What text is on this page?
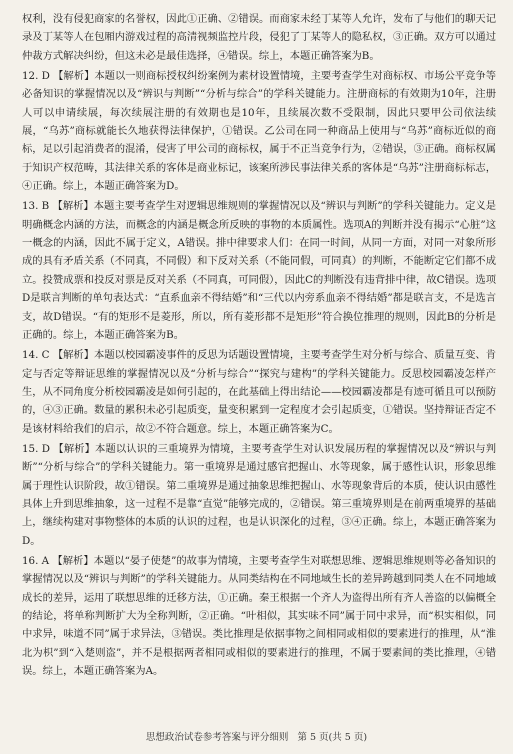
权利，没有侵犯商家的名誉权，因此①正确、②错误。而商家未经丁某等人允许，发布了与他们的聊天记录及丁某等人在包厢内游戏过程的高清视频监控片段，侵犯了丁某等人的隐私权，③正确。双方可以通过仲裁方式解决纠纷，但这未必是最佳选择，④错误。综上，本题正确答案为B。

12. D 【解析】本题以一则商标授权纠纷案例为素材设置情境，主要考查学生对商标权、市场公平竞争等必备知识的掌握情况以及“辨识与判断”“分析与综合”的学科关键能力。注册商标的有效期为10年，注册人可以申请续展，每次续展注册的有效期也是10年，且续展次数不受限制，因此只要甲公司依法续展，“乌苏”商标就能长久地获得法律保护，①错误。乙公司在同一种商品上使用与“乌苏”商标近似的商标，足以引起消费者的混淆，侵害了甲公司的商标权，属于不正当竞争行为，②错误，③正确。商标权属于知识产权范畴，其法律关系的客体是商业标记，该案所涉民事法律关系的客体是“乌苏”注册商标标志，④正确。综上，本题正确答案为D。

13. B 【解析】本题主要考查学生对逻辑思维规则的掌握情况以及“辨识与判断”的学科关键能力。定义是明确概念内涵的方法，而概念的内涵是概念所反映的事物的本质属性。选项A的判断并没有揭示“心脏”这一概念的内涵，因此不属于定义，A错误。排中律要求人们：在同一时间，从同一方面，对同一对象所形成的具有矛盾关系（不同真，不同假）和下反对关系（不能同假，可同真）的判断，不能断定它们都不成立。投赞成票和投反对票是反对关系（不同真，可同假），因此C的判断没有违背排中律，故C错误。选项D是联言判断的单句表达式：“直系血亲不得结婚”和“三代以内旁系血亲不得结婚”都是联言支，不是选言支，故D错误。“有的矩形不是菱形，所以，所有菱形都不是矩形”符合换位推理的规则，因此B的分析是正确的。综上，本题正确答案为B。

14. C 【解析】本题以校园霸凌事件的反思为话题设置情境，主要考查学生对分析与综合、质量互变、肯定与否定等辩证思维的掌握情况以及“分析与综合”“探究与建构”的学科关键能力。反思校园霸凌怎样产生，从不同角度分析校园霸凌是如何引起的，在此基础上得出结论——校园霸凌都是有迹可循且可以预防的，④③正确。数量的累积未必引起质变，量变积累到一定程度才会引起质变，①错误。坚持辩证否定不是该材料给我们的启示，故②不符合题意。综上，本题正确答案为C。

15. D 【解析】本题以认识的三重境界为情境，主要考查学生对认识发展历程的掌握情况以及“辨识与判断”“分析与综合”的学科关键能力。第一重境界是通过感官把握山、水等现象，属于感性认识，形象思维属于理性认识阶段，故①错误。第二重境界是通过抽象思维把握山、水等现象背后的本质，使认识由感性具体上升到思维抽象，这一过程不是靠“直觉”能够完成的，②错误。第三重境界则是在前两重境界的基础上，继续构建对事物整体的本质的认识的过程，也是认识深化的过程，③④正确。综上，本题正确答案为D。

16. A 【解析】本题以“晏子使楚”的故事为情境，主要考查学生对联想思维、逻辑思维规则等必备知识的掌握情况以及“辨识与判断”的学科关键能力。从同类结构在不同地域生长的差异跨越到同类人在不同地域成长的差异，运用了联想思维的迁移方法，①正确。秦王根据一个齐人为盗得出所有齐人善盗的以偏概全的结论，将单称判断扩大为全称判断，②正确。“叶相似，其实味不同”属于同中求异，而“枳实相似，同中求异，味道不同”属于求异法，③错误。类比推理是依据事物之间相同或相似的要素进行的推理，从“淮北为枳”到“入楚则盗”，并不是根据两者相同或相似的要素进行的推理，不属于要素间的类比推理，④错误。综上，本题正确答案为A。

思想政治试卷参考答案与评分细则 第 5 页(共 5 页)
